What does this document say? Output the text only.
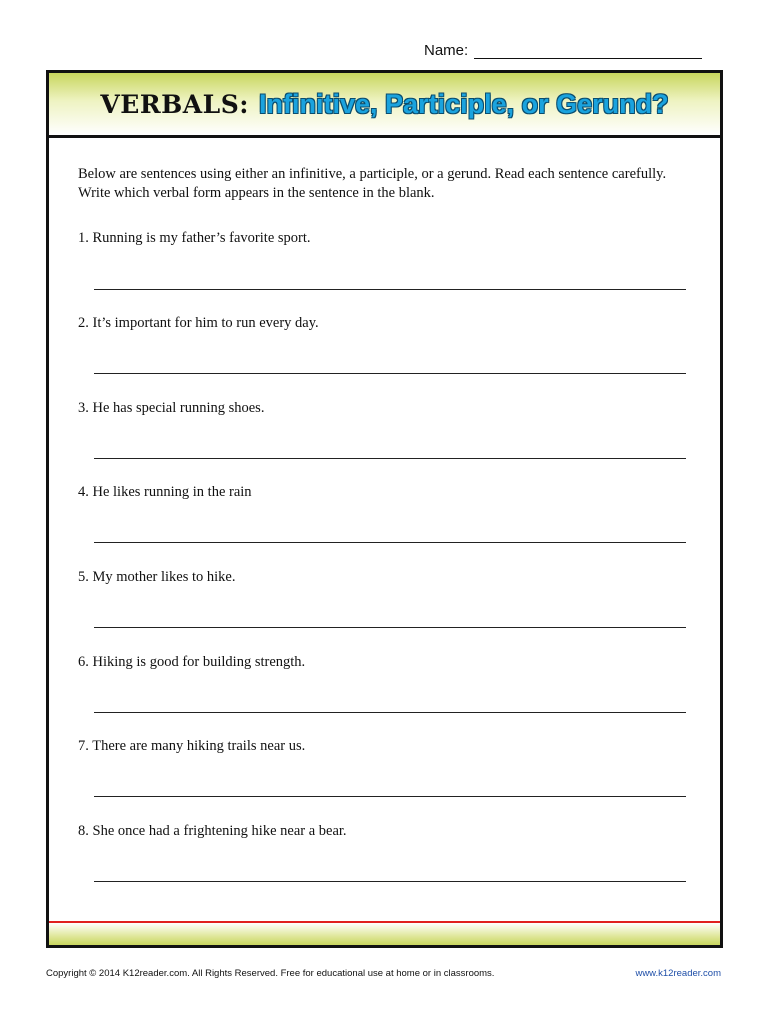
Name:
VERBALS: Infinitive, Participle, or Gerund?

Below are sentences using either an infinitive, a participle, or a gerund. Read each sentence carefully. Write which verbal form appears in the sentence in the blank.

1. Running is my father’s favorite sport.
2. It’s important for him to run every day.
3. He has special running shoes.
4. He likes running in the rain
5. My mother likes to hike.
6. Hiking is good for building strength.
7. There are many hiking trails near us.
8. She once had a frightening hike near a bear.
Copyright © 2014 K12reader.com. All Rights Reserved. Free for educational use at home or in classrooms.	www.k12reader.com
